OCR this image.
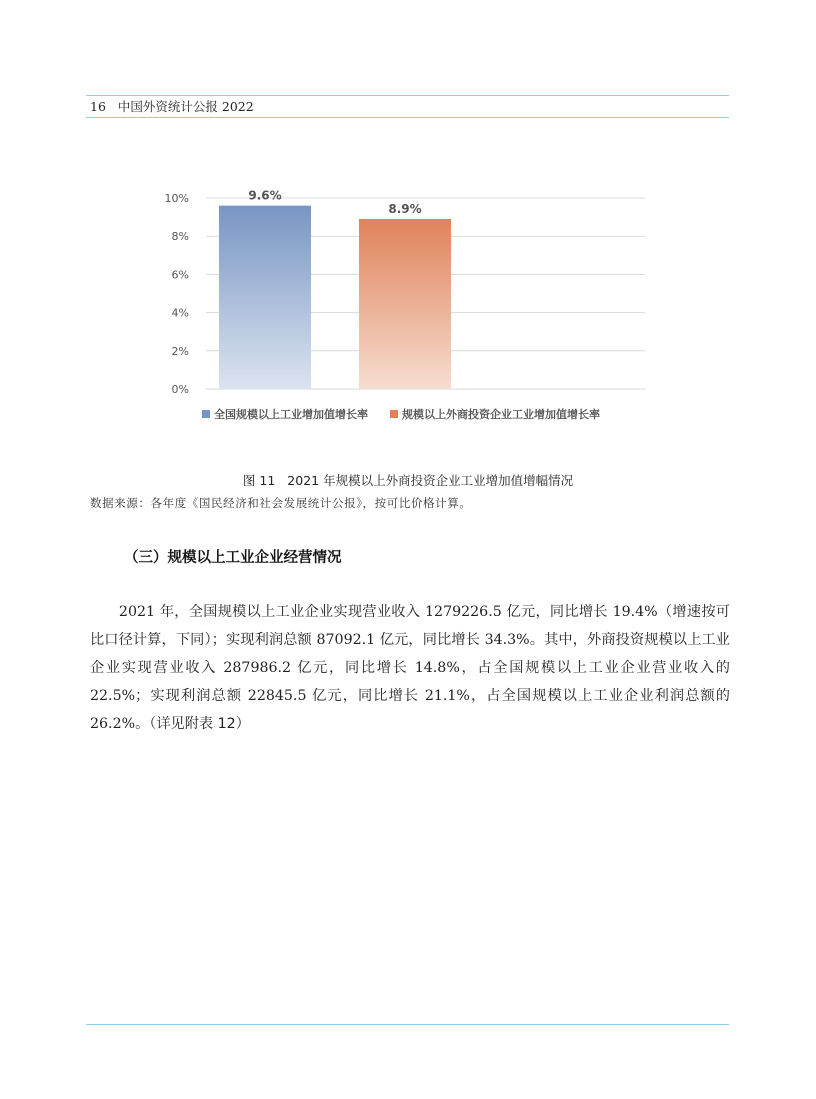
16 中国外资统计公报 2022
0%
2%
4%
6%
8%
10%	9.6%
8.9%
全国规模以上工业增加值增长率	规模以上外商投资企业工业增加值增长率
图 11 2021 年规模以上外商投资企业工业增加值增幅情况
数据来源：各年度《国民经济和社会发展统计公报》，按可比价格计算。
（三）规模以上工业企业经营情况
　　2021 年，全国规模以上工业企业实现营业收入 1279226.5 亿元，同比增长 19.4%（增速按可比口径计算，下同）；实现利润总额 87092.1 亿元，同比增长 34.3%。其中，外商投资规模以上工业企业实现营业收入 287986.2 亿元，同比增长 14.8%，占全国规模以上工业企业营业收入的 22.5%；实现利润总额 22845.5 亿元，同比增长 21.1%，占全国规模以上工业企业利润总额的 26.2%。（详见附表 12）
